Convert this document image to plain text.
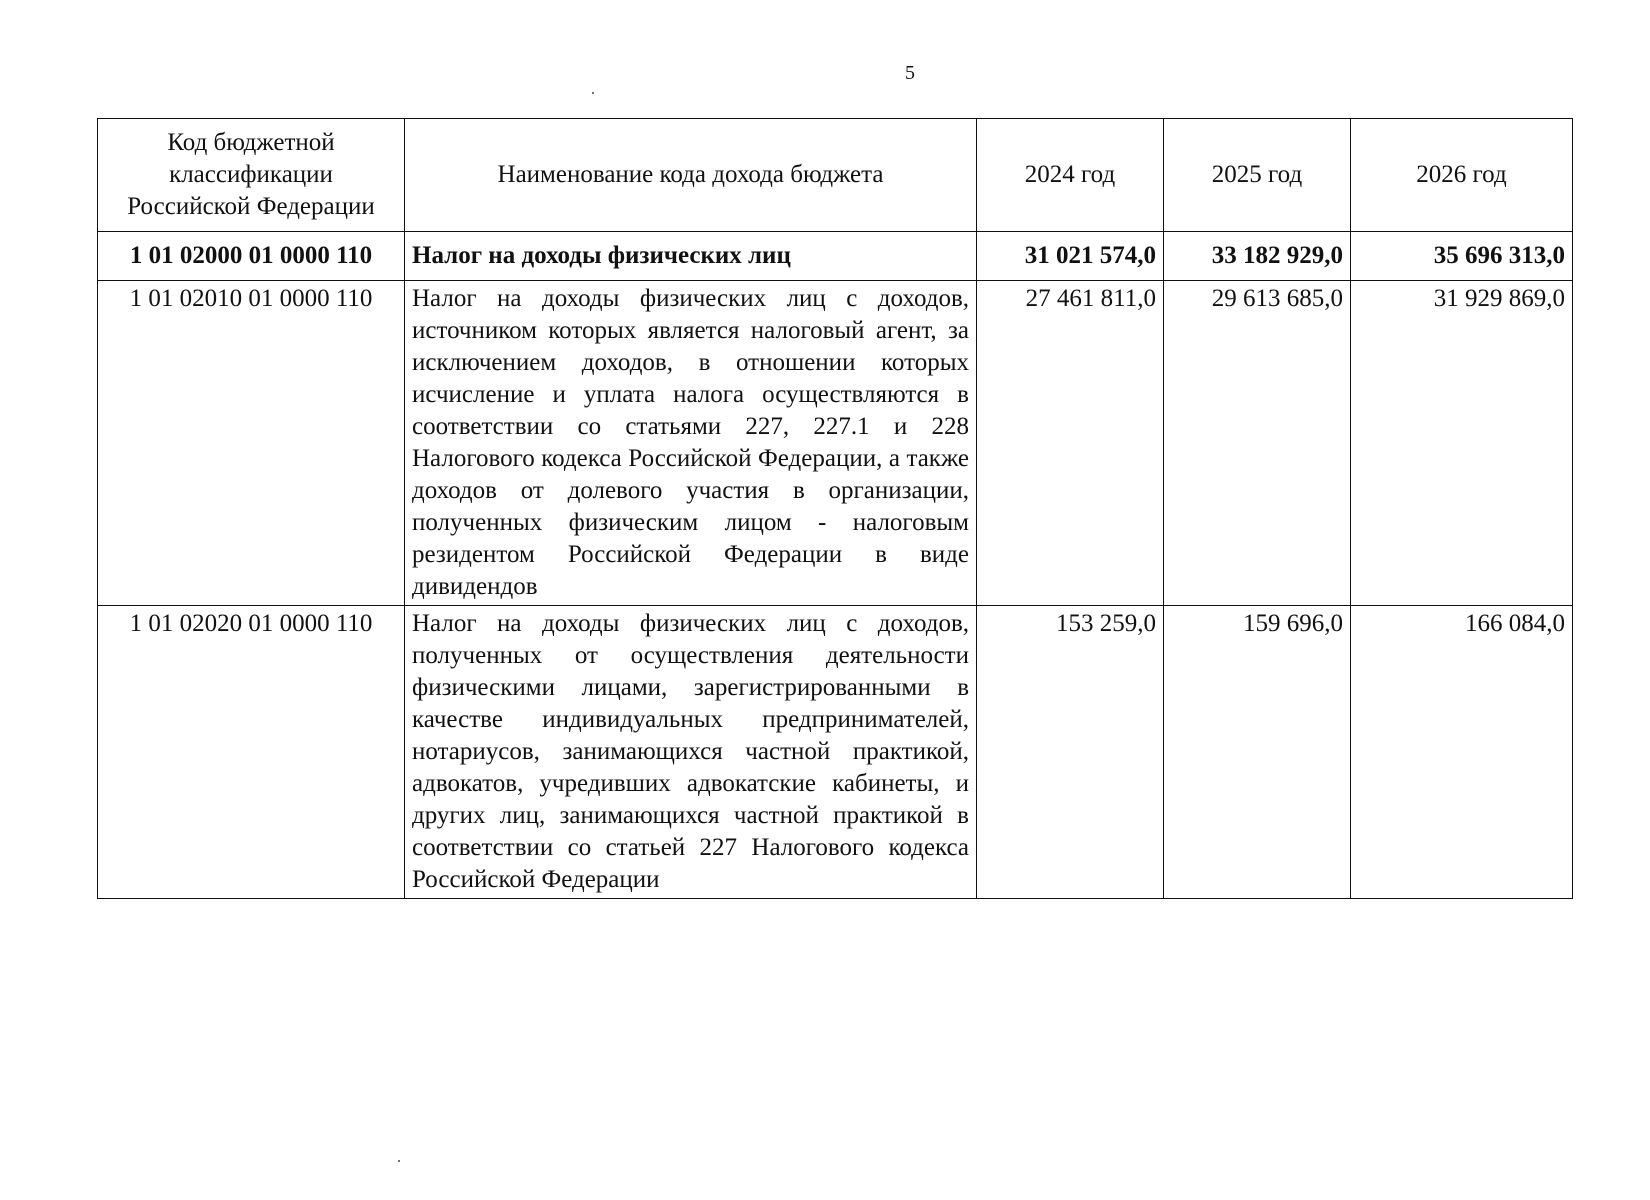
5
Код бюджетной классификации Российской Федерации	Наименование кода дохода бюджета	2024 год	2025 год	2026 год
1 01 02000 01 0000 110	Налог на доходы физических лиц	31 021 574,0	33 182 929,0	35 696 313,0
1 01 02010 01 0000 110	Налог на доходы физических лиц с доходов, источником которых является налоговый агент, за исключением доходов, в отношении которых исчисление и уплата налога осуществляются в соответствии со статьями 227, 227.1 и 228 Налогового кодекса Российской Федерации, а также доходов от долевого участия в организации, полученных физическим лицом - налоговым резидентом Российской Федерации в виде дивидендов	27 461 811,0	29 613 685,0	31 929 869,0
1 01 02020 01 0000 110	Налог на доходы физических лиц с доходов, полученных от осуществления деятельности физическими лицами, зарегистрированными в качестве индивидуальных предпринимателей, нотариусов, занимающихся частной практикой, адвокатов, учредивших адвокатские кабинеты, и других лиц, занимающихся частной практикой в соответствии со статьей 227 Налогового кодекса Российской Федерации	153 259,0	159 696,0	166 084,0
